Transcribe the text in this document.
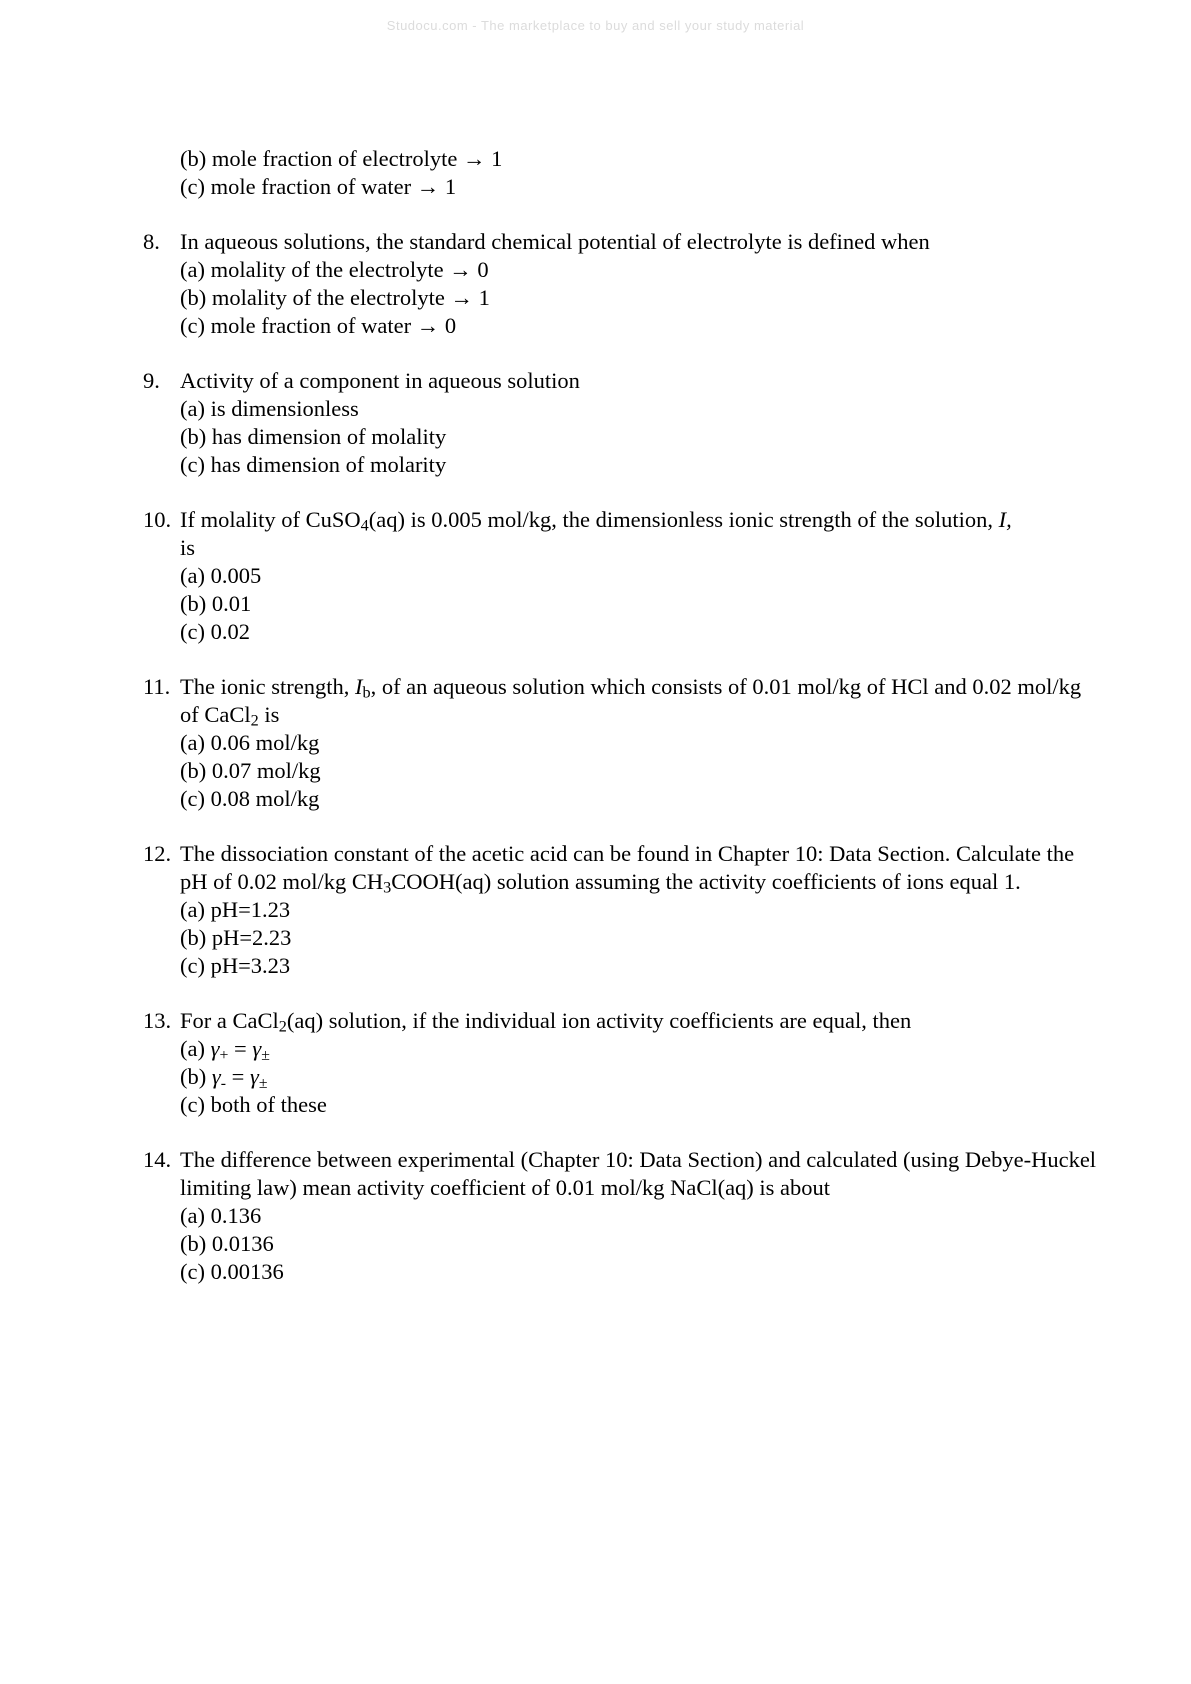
Studocu.com - The marketplace to buy and sell your study material
(b) mole fraction of electrolyte → 1
(c) mole fraction of water → 1
8. In aqueous solutions, the standard chemical potential of electrolyte is defined when
(a) molality of the electrolyte → 0
(b) molality of the electrolyte → 1
(c) mole fraction of water → 0
9. Activity of a component in aqueous solution
(a) is dimensionless
(b) has dimension of molality
(c) has dimension of molarity
10. If molality of CuSO$_4$(aq) is 0.005 mol/kg, the dimensionless ionic strength of the solution, I,
is
(a) 0.005
(b) 0.01
(c) 0.02
11. The ionic strength, $I_b$, of an aqueous solution which consists of 0.01 mol/kg of HCl and 0.02 mol/kg of CaCl$_2$ is
(a) 0.06 mol/kg
(b) 0.07 mol/kg
(c) 0.08 mol/kg
12. The dissociation constant of the acetic acid can be found in Chapter 10: Data Section. Calculate the pH of 0.02 mol/kg $CH_3COOH(aq)$ solution assuming the activity coefficients of ions equal 1.
(a) pH=1.23
(b) pH=2.23
(c) pH=3.23
13. For a CaCl$_2$(aq) solution, if the individual ion activity coefficients are equal, then
(a) γ+ = γ±
(b) γ- = γ±
(c) both of these
14. The difference between experimental (Chapter 10: Data Section) and calculated (using Debye-Huckel limiting law) mean activity coefficient of 0.01 mol/kg NaCl(aq) is about
(a) 0.136
(b) 0.0136
(c) 0.00136
